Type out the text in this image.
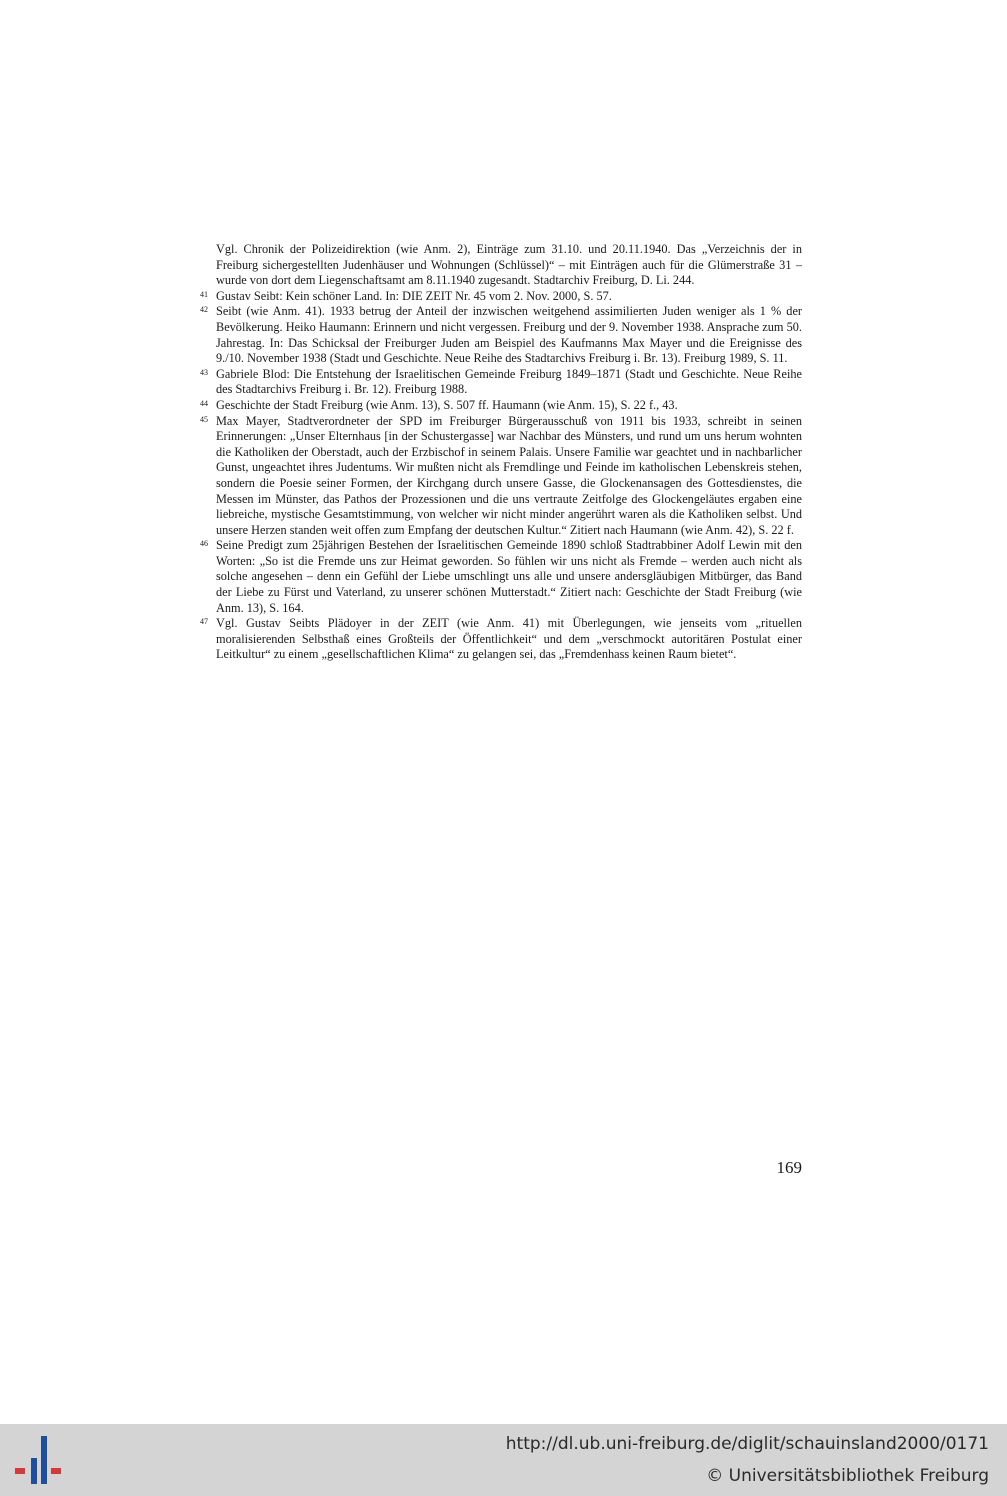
Vgl. Chronik der Polizeidirektion (wie Anm. 2), Einträge zum 31.10. und 20.11.1940. Das „Verzeichnis der in Freiburg sichergestellten Judenhäuser und Wohnungen (Schlüssel)“ – mit Einträgen auch für die Glümerstraße 31 – wurde von dort dem Liegenschaftsamt am 8.11.1940 zugesandt. Stadtarchiv Freiburg, D. Li. 244.
41 Gustav Seibt: Kein schöner Land. In: DIE ZEIT Nr. 45 vom 2. Nov. 2000, S. 57.
42 Seibt (wie Anm. 41). 1933 betrug der Anteil der inzwischen weitgehend assimilierten Juden weniger als 1 % der Bevölkerung. Heiko Haumann: Erinnern und nicht vergessen. Freiburg und der 9. November 1938. Ansprache zum 50. Jahrestag. In: Das Schicksal der Freiburger Juden am Beispiel des Kaufmanns Max Mayer und die Ereignisse des 9./10. November 1938 (Stadt und Geschichte. Neue Reihe des Stadtarchivs Freiburg i. Br. 13). Freiburg 1989, S. 11.
43 Gabriele Blod: Die Entstehung der Israelitischen Gemeinde Freiburg 1849–1871 (Stadt und Geschichte. Neue Reihe des Stadtarchivs Freiburg i. Br. 12). Freiburg 1988.
44 Geschichte der Stadt Freiburg (wie Anm. 13), S. 507 ff. Haumann (wie Anm. 15), S. 22 f., 43.
45 Max Mayer, Stadtverordneter der SPD im Freiburger Bürgerausschuß von 1911 bis 1933, schreibt in seinen Erinnerungen: „Unser Elternhaus [in der Schustergasse] war Nachbar des Münsters, und rund um uns herum wohnten die Katholiken der Oberstadt, auch der Erzbischof in seinem Palais. Unsere Familie war geachtet und in nachbarlicher Gunst, ungeachtet ihres Judentums. Wir mußten nicht als Fremdlinge und Feinde im katholischen Lebenskreis stehen, sondern die Poesie seiner Formen, der Kirchgang durch unsere Gasse, die Glockenansagen des Gottesdienstes, die Messen im Münster, das Pathos der Prozessionen und die uns vertraute Zeitfolge des Glockengeläutes ergaben eine liebreiche, mystische Gesamtstimmung, von welcher wir nicht minder angerührt waren als die Katholiken selbst. Und unsere Herzen standen weit offen zum Empfang der deutschen Kultur.“ Zitiert nach Haumann (wie Anm. 42), S. 22 f.
46 Seine Predigt zum 25jährigen Bestehen der Israelitischen Gemeinde 1890 schloß Stadtrabbiner Adolf Lewin mit den Worten: „So ist die Fremde uns zur Heimat geworden. So fühlen wir uns nicht als Fremde – werden auch nicht als solche angesehen – denn ein Gefühl der Liebe umschlingt uns alle und unsere andersgläubigen Mitbürger, das Band der Liebe zu Fürst und Vaterland, zu unserer schönen Mutterstadt.“ Zitiert nach: Geschichte der Stadt Freiburg (wie Anm. 13), S. 164.
47 Vgl. Gustav Seibts Plädoyer in der ZEIT (wie Anm. 41) mit Überlegungen, wie jenseits vom „rituellen moralisierenden Selbsthaß eines Großteils der Öffentlichkeit“ und dem „verschmockt autoritären Postulat einer Leitkultur“ zu einem „gesellschaftlichen Klima“ zu gelangen sei, das „Fremdenhass keinen Raum bietet“.
169
http://dl.ub.uni-freiburg.de/diglit/schauinsland2000/0171
© Universitätsbibliothek Freiburg
